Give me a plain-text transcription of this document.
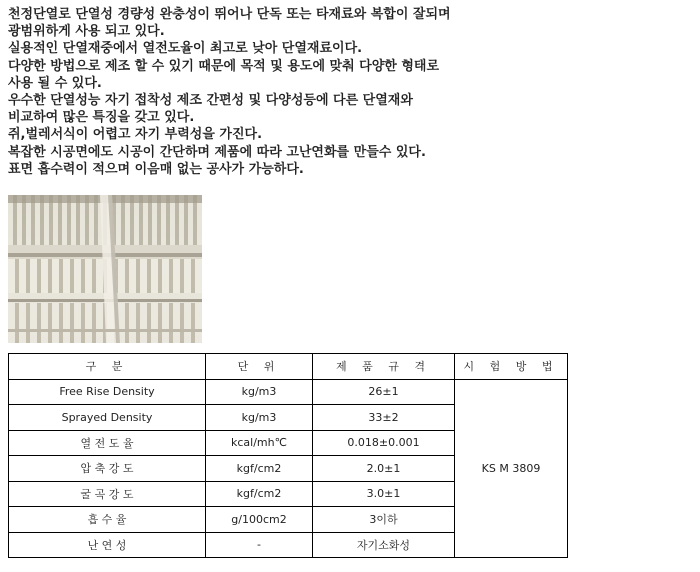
천정단열로 단열성 경량성 완충성이 뛰어나 단독 또는 타재료와 복합이 잘되며
광범위하게 사용 되고 있다.
실용적인 단열재중에서 열전도율이 최고로 낮아 단열재료이다.
다양한 방법으로 제조 할 수 있기 때문에 목적 및 용도에 맞춰 다양한 형태로
사용 될 수 있다.
우수한 단열성능 자기 접착성 제조 간편성 및 다양성등에 다른 단열재와
비교하여 많은 특징을 갖고 있다.
쥐,벌레서식이 어렵고 자기 부력성을 가진다.
복잡한 시공면에도 시공이 간단하며 제품에 따라 고난연화를 만들수 있다.
표면 흡수력이 적으며 이음매 없는 공사가 가능하다.
구 분	단 위	제 품 규 격	시 험 방 법
Free Rise Density	kg/m3	26±1	KS M 3809
Sprayed Density	kg/m3	33±2	
열 전 도 율	kcal/mh℃	0.018±0.001	
압 축 강 도	kgf/cm2	2.0±1	
굴 곡 강 도	kgf/cm2	3.0±1	
흡 수 율	g/100cm2	3이하	
난 연 성	-	자기소화성	
